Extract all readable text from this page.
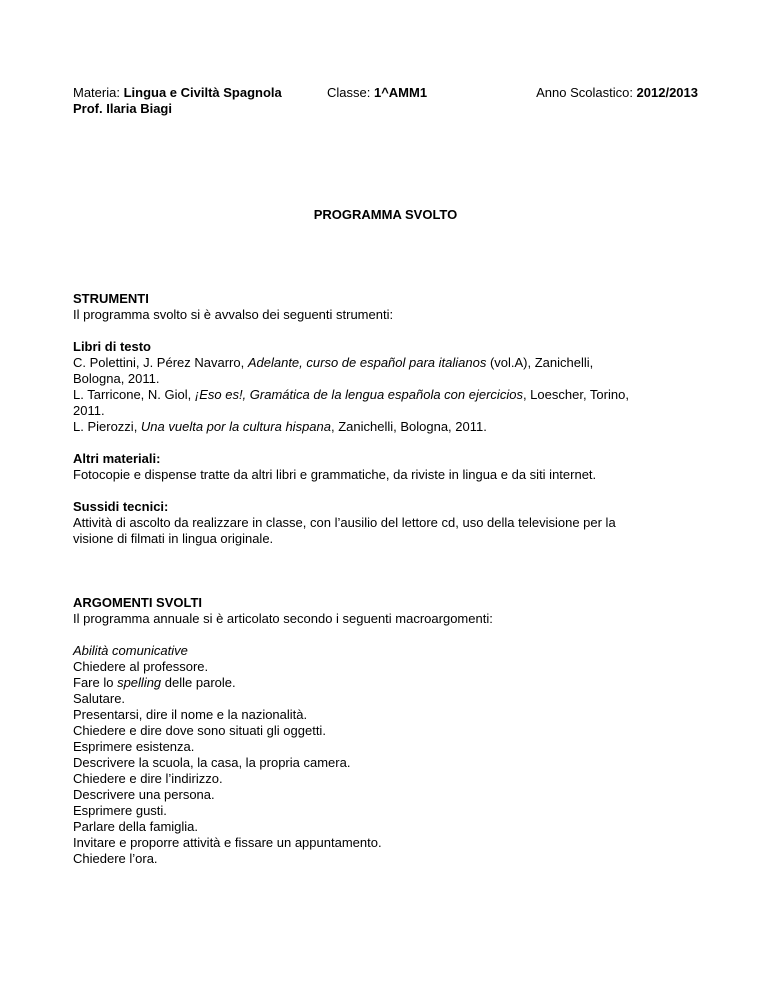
Materia: Lingua e Civiltà Spagnola
Prof. Ilaria Biagi
Classe: 1^AMM1	Anno Scolastico: 2012/2013
PROGRAMMA SVOLTO
STRUMENTI
Il programma svolto si è avvalso dei seguenti strumenti:
Libri di testo
C. Polettini, J. Pérez Navarro, Adelante, curso de español para italianos (vol.A), Zanichelli,
Bologna, 2011.
L. Tarricone, N. Giol, ¡Eso es!, Gramática de la lengua española con ejercicios, Loescher, Torino,
2011.
L. Pierozzi, Una vuelta por la cultura hispana, Zanichelli, Bologna, 2011.
Altri materiali:
Fotocopie e dispense tratte da altri libri e grammatiche, da riviste in lingua e da siti internet.
Sussidi tecnici:
Attività di ascolto da realizzare in classe, con l’ausilio del lettore cd, uso della televisione per la
visione di filmati in lingua originale.
ARGOMENTI SVOLTI
Il programma annuale si è articolato secondo i seguenti macroargomenti:
Abilità comunicative
Chiedere al professore.
Fare lo spelling delle parole.
Salutare.
Presentarsi, dire il nome e la nazionalità.
Chiedere e dire dove sono situati gli oggetti.
Esprimere esistenza.
Descrivere la scuola, la casa, la propria camera.
Chiedere e dire l’indirizzo.
Descrivere una persona.
Esprimere gusti.
Parlare della famiglia.
Invitare e proporre attività e fissare un appuntamento.
Chiedere l’ora.
